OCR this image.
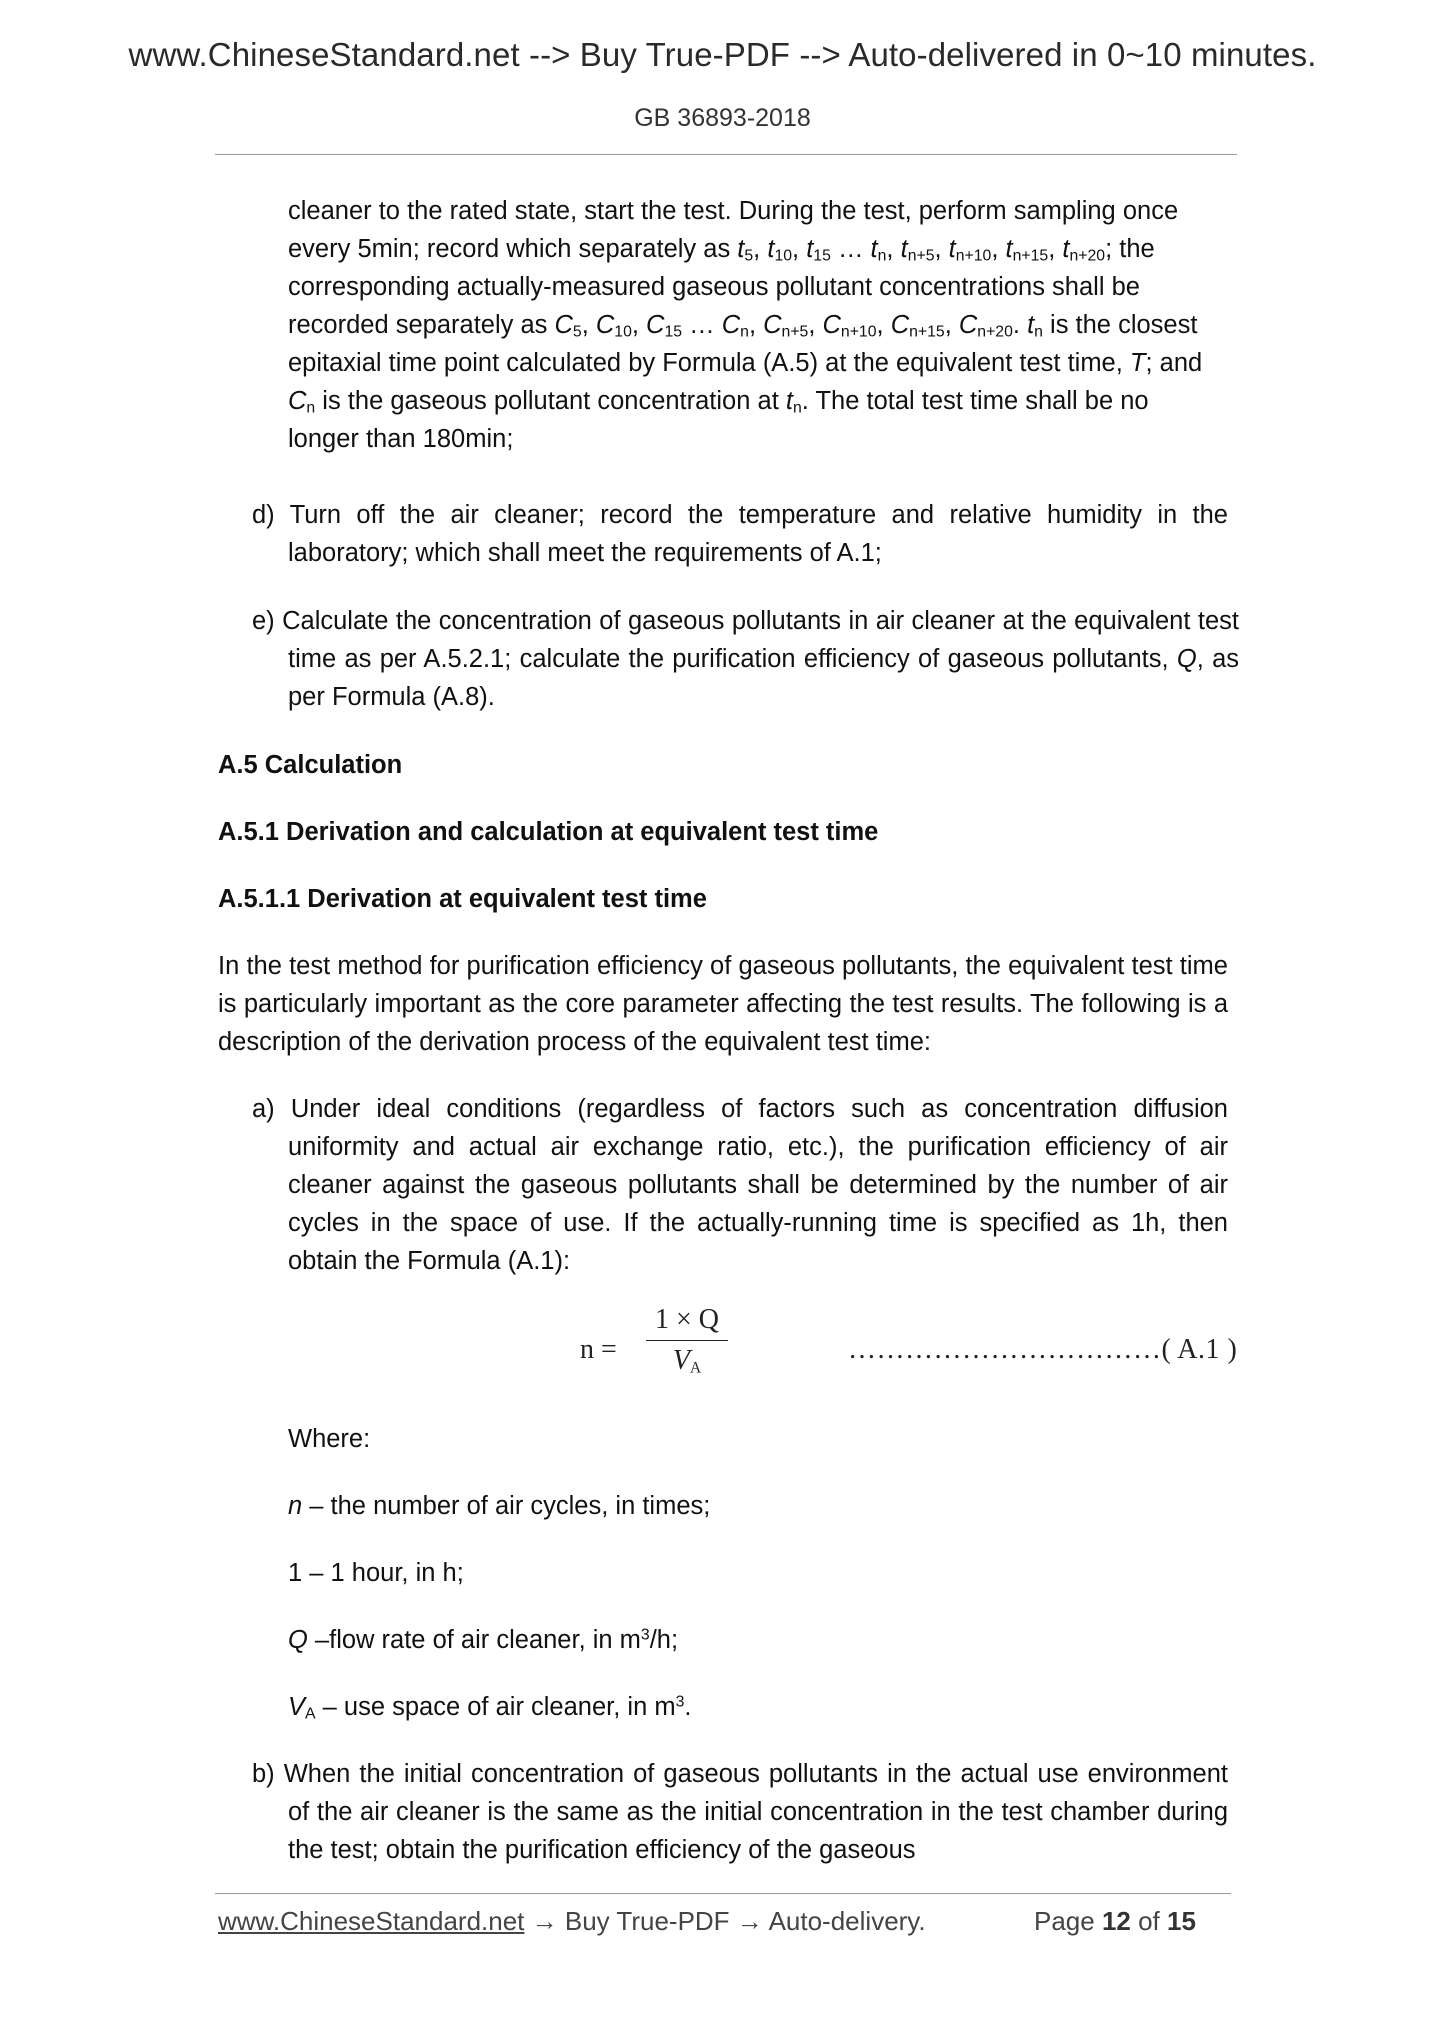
www.ChineseStandard.net --> Buy True-PDF --> Auto-delivered in 0~10 minutes.
GB 36893-2018
cleaner to the rated state, start the test. During the test, perform sampling once
every 5min; record which separately as $t_5$, $t_{10}$, $t_{15}$ … $t_n$, $t_{n+5}$, $t_{n+10}$, $t_{n+15}$, $t_{n+20}$; the
corresponding actually-measured gaseous pollutant concentrations shall be
recorded separately as $C_5$, $C_{10}$, $C_{15}$ … $C_n$, $C_{n+5}$, $C_{n+10}$, $C_{n+15}$, $C_{n+20}$. $t_n$ is the closest
epitaxial time point calculated by Formula (A.5) at the equivalent test time, T; and
$C_n$ is the gaseous pollutant concentration at $t_n$. The total test time shall be no
longer than 180min;
d) Turn off the air cleaner; record the temperature and relative humidity in the laboratory; which shall meet the requirements of A.1;
e) Calculate the concentration of gaseous pollutants in air cleaner at the equivalent test time as per A.5.2.1; calculate the purification efficiency of gaseous pollutants, Q, as per Formula (A.8).
A.5 Calculation
A.5.1 Derivation and calculation at equivalent test time
A.5.1.1 Derivation at equivalent test time
In the test method for purification efficiency of gaseous pollutants, the equivalent test time is particularly important as the core parameter affecting the test results. The following is a description of the derivation process of the equivalent test time:
a) Under ideal conditions (regardless of factors such as concentration diffusion uniformity and actual air exchange ratio, etc.), the purification efficiency of air cleaner against the gaseous pollutants shall be determined by the number of air cycles in the space of use. If the actually-running time is specified as 1h, then obtain the Formula (A.1):
Where:
n – the number of air cycles, in times;
1 – 1 hour, in h;
Q –flow rate of air cleaner, in $m^3/h$;
$V_A$ – use space of air cleaner, in $m^3$.
b) When the initial concentration of gaseous pollutants in the actual use environment of the air cleaner is the same as the initial concentration in the test chamber during the test; obtain the purification efficiency of the gaseous
n =
1 × Q
$V_A$
……………………………( A.1 )
www.ChineseStandard.net → Buy True-PDF → Auto-delivery.	Page 12 of 15
